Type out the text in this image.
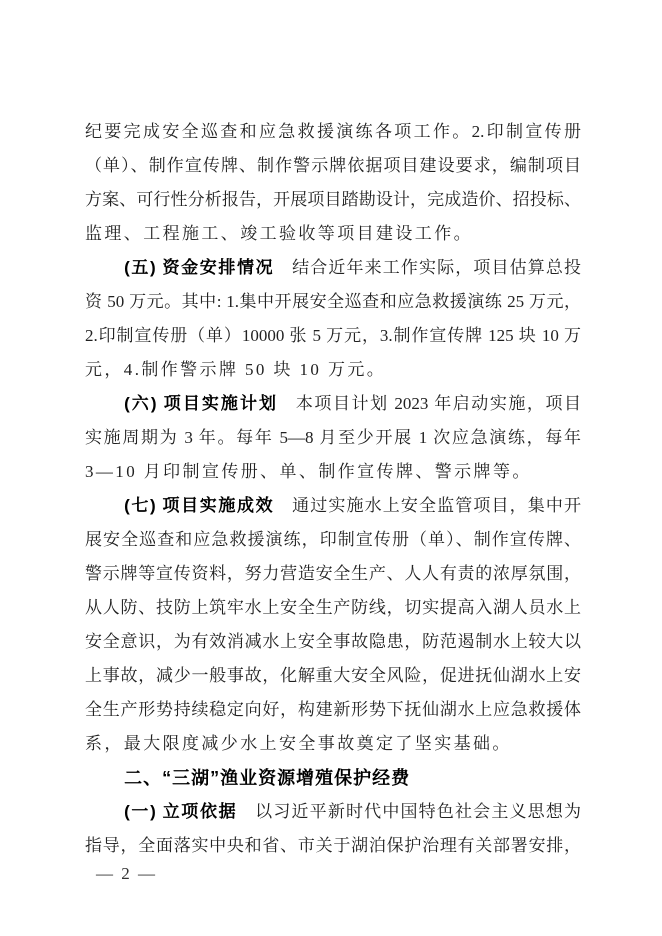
纪要完成安全巡查和应急救援演练各项工作。2.印制宣传册
（单）、制作宣传牌、制作警示牌依据项目建设要求，编制项目
方案、可行性分析报告，开展项目踏勘设计，完成造价、招投标、
监理、工程施工、竣工验收等项目建设工作。
(五) 资金安排情况 结合近年来工作实际，项目估算总投
资 50 万元。其中: 1.集中开展安全巡查和应急救援演练 25 万元，
2.印制宣传册（单）10000 张 5 万元，3.制作宣传牌 125 块 10 万
元，4.制作警示牌 50 块 10 万元。
(六) 项目实施计划 本项目计划 2023 年启动实施，项目
实施周期为 3 年。每年 5—8 月至少开展 1 次应急演练，每年
3—10 月印制宣传册、单、制作宣传牌、警示牌等。
(七) 项目实施成效 通过实施水上安全监管项目，集中开
展安全巡查和应急救援演练，印制宣传册（单）、制作宣传牌、
警示牌等宣传资料，努力营造安全生产、人人有责的浓厚氛围，
从人防、技防上筑牢水上安全生产防线，切实提高入湖人员水上
安全意识，为有效消减水上安全事故隐患，防范遏制水上较大以
上事故，减少一般事故，化解重大安全风险，促进抚仙湖水上安
全生产形势持续稳定向好，构建新形势下抚仙湖水上应急救援体
系，最大限度减少水上安全事故奠定了坚实基础。
二、“三湖”渔业资源增殖保护经费
(一) 立项依据 以习近平新时代中国特色社会主义思想为
指导，全面落实中央和省、市关于湖泊保护治理有关部署安排，
— 2 —
